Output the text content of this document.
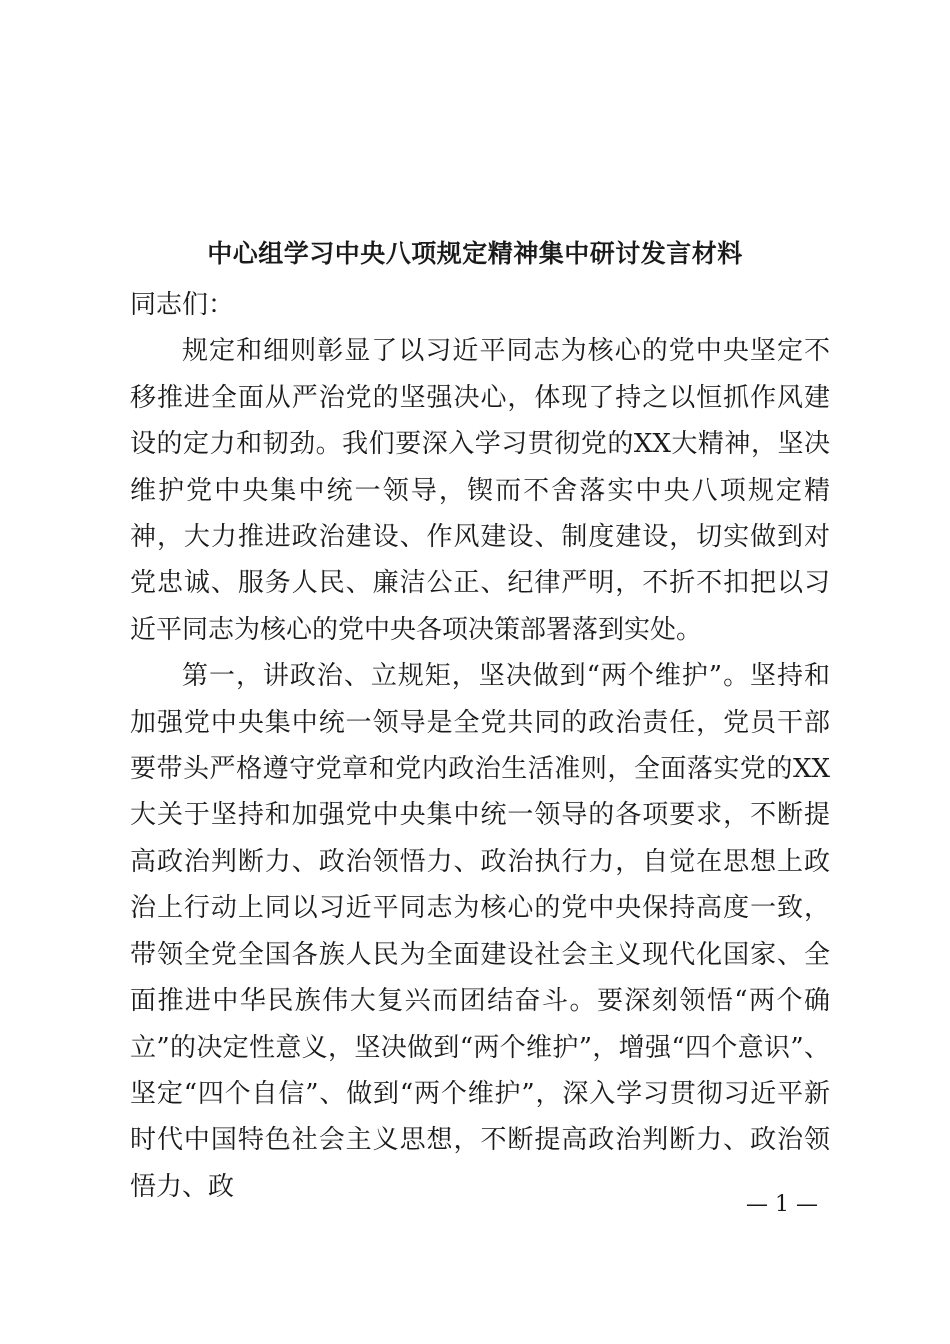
中心组学习中央八项规定精神集中研讨发言材料

同志们：

规定和细则彰显了以习近平同志为核心的党中央坚定不移推进全面从严治党的坚强决心，体现了持之以恒抓作风建设的定力和韧劲。我们要深入学习贯彻党的XX大精神，坚决维护党中央集中统一领导，锲而不舍落实中央八项规定精神，大力推进政治建设、作风建设、制度建设，切实做到对党忠诚、服务人民、廉洁公正、纪律严明，不折不扣把以习近平同志为核心的党中央各项决策部署落到实处。

第一，讲政治、立规矩，坚决做到“两个维护”。坚持和加强党中央集中统一领导是全党共同的政治责任，党员干部要带头严格遵守党章和党内政治生活准则，全面落实党的XX大关于坚持和加强党中央集中统一领导的各项要求，不断提高政治判断力、政治领悟力、政治执行力，自觉在思想上政治上行动上同以习近平同志为核心的党中央保持高度一致，带领全党全国各族人民为全面建设社会主义现代化国家、全面推进中华民族伟大复兴而团结奋斗。要深刻领悟“两个确立”的决定性意义，坚决做到“两个维护”，增强“四个意识”、坚定“四个自信”、做到“两个维护”，深入学习贯彻习近平新时代中国特色社会主义思想，不断提高政治判断力、政治领悟力、政

— 1 —
